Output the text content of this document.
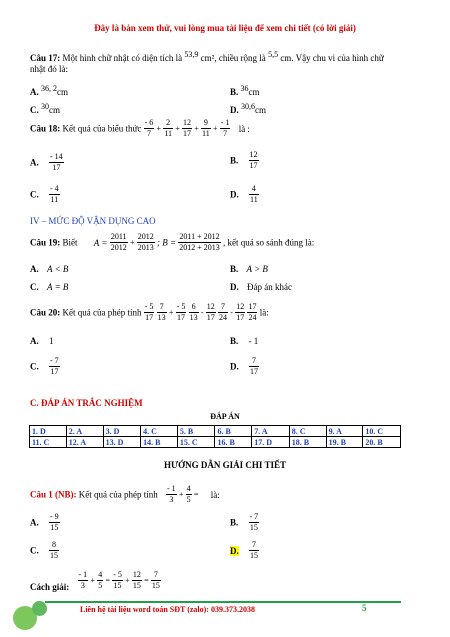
Đây là bản xem thử, vui lòng mua tài liệu để xem chi tiết (có lời giải)
Câu 17: Một hình chữ nhật có diện tích là $^{53,9}$ cm², chiều rộng là $^{5,5}$ cm. Vậy chu vi của hình chữ
nhật đó là:
A. $^{36, 2}$cm	B. $^{36}$cm
C. $^{30}$cm	D. $^{30,6}$cm
Câu 18: Kết quả của biểu thức $\frac{- 6}{7} + \frac{2}{11} + \frac{12}{17} + \frac{9}{11} + \frac{- 1}{7}$ là :
A. $\frac{- 14}{17}$	B. $\frac{12}{17}$
C. $\frac{- 4}{11}$	D. $\frac{4}{11}$
IV – MỨC ĐỘ VẬN DỤNG CAO
Câu 19: Biết $A = \frac{2011}{2012} + \frac{2012}{2013}$ ; $B = \frac{2011 + 2012}{2012 + 2013}$ , kết quả so sánh đúng là:
A. A < B	B. A > B
C. A = B	D. Đáp án khác
Câu 20: Kết quả của phép tính $\frac{- 5}{17}$
$\frac{7}{13} + \frac{- 5}{17}$
$\frac{6}{13} - \frac{12}{17}$
$\frac{7}{24} - \frac{12}{17}$
$\frac{17}{24}$ là:
A. 1	B. - 1
C. $\frac{- 7}{17}$	D. $\frac{7}{17}$
C. ĐÁP ÁN TRẮC NGHIỆM
ĐÁP ÁN
1. D	2. A	3. D	4. C	5. B	6. B	7. A	8. C	9. A	10. C
11. C	12. A	13. D	14. B	15. C	16. B	17. D	18. B	19. B	20. B
HƯỚNG DẪN GIẢI CHI TIẾT
Câu 1 (NB): Kết quả của phép tính $\frac{- 1}{3} + \frac{4}{5}$ = là:
A. $\frac{- 9}{15}$	B. $\frac{- 7}{15}$
C. $\frac{8}{15}$	D. $\frac{7}{15}$
Cách giải: $\frac{- 1}{3} + \frac{4}{5} = \frac{- 5}{15} + \frac{12}{15} = \frac{7}{15}$
Liên hệ tài liệu word toán SĐT (zalo): 039.373.2038	5
